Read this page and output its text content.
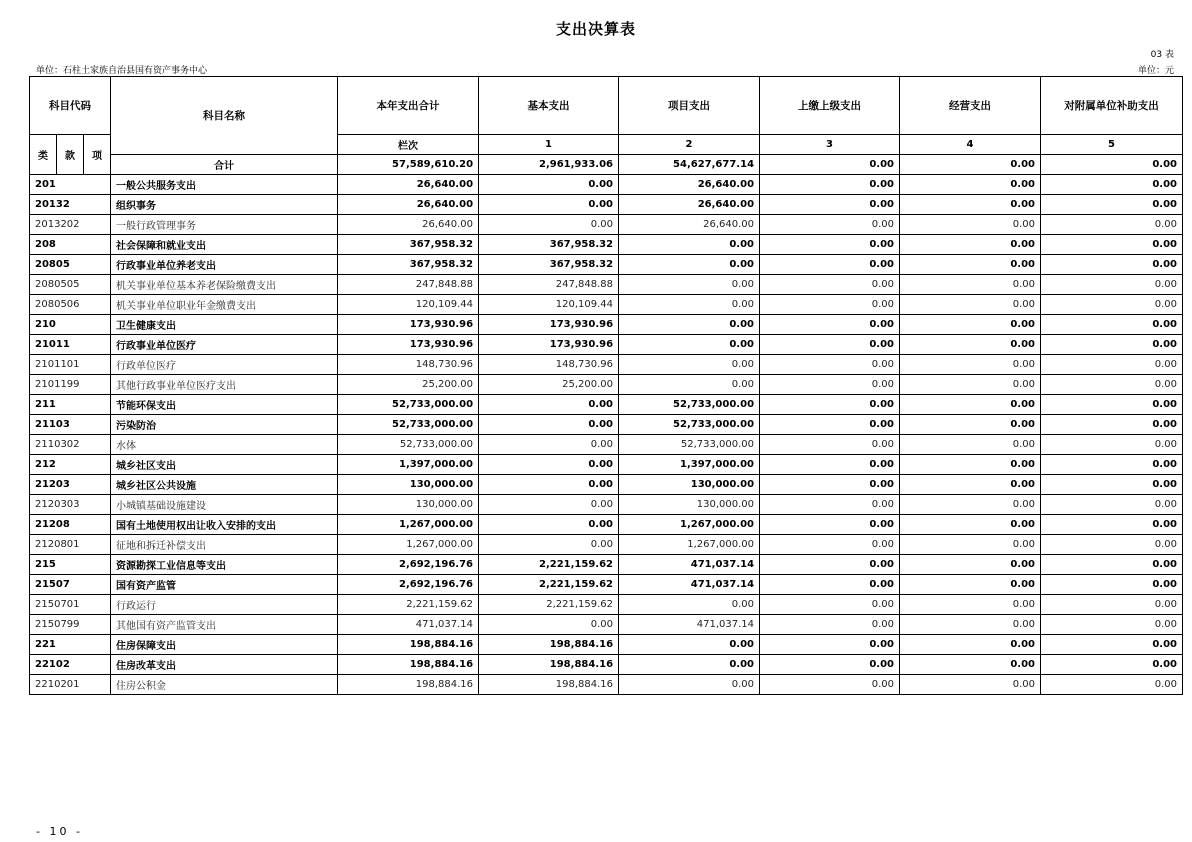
支出决算表
03 表
单位：石柱土家族自治县国有资产事务中心	单位：元
科目代码			科目名称	本年支出合计	基本支出	项目支出	上缴上级支出	经营支出	对附属单位补助支出	
类	款	项		栏次	1	2	3	4	5	
			合计	57,589,610.20	2,961,933.06	54,627,677.14	0.00	0.00	0.00	
201			一般公共服务支出	26,640.00	0.00	26,640.00	0.00	0.00	0.00	
20132			组织事务	26,640.00	0.00	26,640.00	0.00	0.00	0.00	
2013202			一般行政管理事务	26,640.00	0.00	26,640.00	0.00	0.00	0.00	
208			社会保障和就业支出	367,958.32	367,958.32	0.00	0.00	0.00	0.00	
20805			行政事业单位养老支出	367,958.32	367,958.32	0.00	0.00	0.00	0.00	
2080505			机关事业单位基本养老保险缴费支出	247,848.88	247,848.88	0.00	0.00	0.00	0.00	
2080506			机关事业单位职业年金缴费支出	120,109.44	120,109.44	0.00	0.00	0.00	0.00	
210			卫生健康支出	173,930.96	173,930.96	0.00	0.00	0.00	0.00	
21011			行政事业单位医疗	173,930.96	173,930.96	0.00	0.00	0.00	0.00	
2101101			行政单位医疗	148,730.96	148,730.96	0.00	0.00	0.00	0.00	
2101199			其他行政事业单位医疗支出	25,200.00	25,200.00	0.00	0.00	0.00	0.00	
211			节能环保支出	52,733,000.00	0.00	52,733,000.00	0.00	0.00	0.00	
21103			污染防治	52,733,000.00	0.00	52,733,000.00	0.00	0.00	0.00	
2110302			水体	52,733,000.00	0.00	52,733,000.00	0.00	0.00	0.00	
212			城乡社区支出	1,397,000.00	0.00	1,397,000.00	0.00	0.00	0.00	
21203			城乡社区公共设施	130,000.00	0.00	130,000.00	0.00	0.00	0.00	
2120303			小城镇基础设施建设	130,000.00	0.00	130,000.00	0.00	0.00	0.00	
21208			国有土地使用权出让收入安排的支出	1,267,000.00	0.00	1,267,000.00	0.00	0.00	0.00	
2120801			征地和拆迁补偿支出	1,267,000.00	0.00	1,267,000.00	0.00	0.00	0.00	
215			资源勘探工业信息等支出	2,692,196.76	2,221,159.62	471,037.14	0.00	0.00	0.00	
21507			国有资产监管	2,692,196.76	2,221,159.62	471,037.14	0.00	0.00	0.00	
2150701			行政运行	2,221,159.62	2,221,159.62	0.00	0.00	0.00	0.00	
2150799			其他国有资产监管支出	471,037.14	0.00	471,037.14	0.00	0.00	0.00	
221			住房保障支出	198,884.16	198,884.16	0.00	0.00	0.00	0.00	
22102			住房改革支出	198,884.16	198,884.16	0.00	0.00	0.00	0.00	
2210201			住房公积金	198,884.16	198,884.16	0.00	0.00	0.00	0.00	
- 10 -
